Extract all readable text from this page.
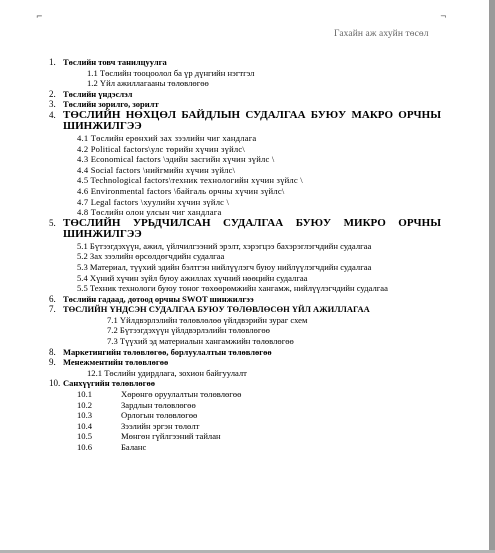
⌐	¬
Гахайн аж ахуйн төсөл
1. Төслийн товч танилцуулга
1.1 Төслийн тооцоолол ба үр дүнгийн нэгтгэл
1.2 Үйл ажиллагааны төлөвлөгөө
2. Төслийн үндэслэл
3. Төслийн зорилго, зорилт
4. ТӨСЛИЙН НӨХЦӨЛ БАЙДЛЫН СУДАЛГАА БУЮУ МАКРО ОРЧНЫ ШИНЖИЛГЭЭ
4.1 Төслийн ерөнхий зах зээлийн чиг хандлага
4.2 Political factors\улс төрийн хүчин зүйлс\
4.3 Economical factors \эдийн засгийн хүчин зүйлс \
4.4 Social factors \нийгмийн хүчин зүйлс\
4.5 Technological factors\техник технологийн хүчин зүйлс \
4.6 Environmental factors \байгаль орчны хүчин зүйлс\
4.7 Legal factors \хуулийн хүчин зүйлс \
4.8 Төслийн олон улсын чиг хандлага
5. ТӨСЛИЙН УРЬДЧИЛСАН СУДАЛГАА БУЮУ МИКРО ОРЧНЫ ШИНЖИЛГЭЭ
5.1 Бүтээгдэхүүн, ажил, үйлчилгээний эрэлт, хэрэгцээ бахэрэглэгчдийн судалгаа
5.2 Зах зээлийн өрсөлдөгчдийн судалгаа
5.3 Материал, түүхий эдийн бэлтгэн нийлүүлэгч буюу нийлүүлэгчдийн судалгаа
5.4 Хүний хүчин зүйл буюу ажиллах хүчний нөөцийн судалгаа
5.5 Техник технологи буюу тоног төхөөрөмжийн хангамж, нийлүүлэгчдийн судалгаа
6. Төслийн гадаад, дотоод орчны SWOT шинжилгээ
7. ТӨСЛИЙН ҮНДСЭН СУДАЛГАА БУЮУ ТӨЛӨВЛӨСӨН ҮЙЛ АЖИЛЛАГАА
7.1 Үйлдвэрлэлийн төлөвлөлөө үйлдвэрийн зураг схем
7.2 Бүтээгдэхүүн үйлдвэрлэлийн төлөвлөгөө
7.3 Түүхий эд материалын хангамжийн төлөвлөгөө
8. Маркетингийн төлөвлөгөө, борлуулалтын төлөвлөгөө
9. Менежментийн төлөвлөгөө
12.1 Төслийн удирдлага, зохион байгуулалт
10. Санхүүгийн төлөвлөгөө
10.1	Хөрөнгө оруулалтын төлөвлөгөө
10.2	Зардлын төлөвлөгөө
10.3	Орлогын төлөвлөгөө
10.4	Зээлийн эргэн төлөлт
10.5	Мөнгөн гүйлгээний тайлан
10.6	Баланс
